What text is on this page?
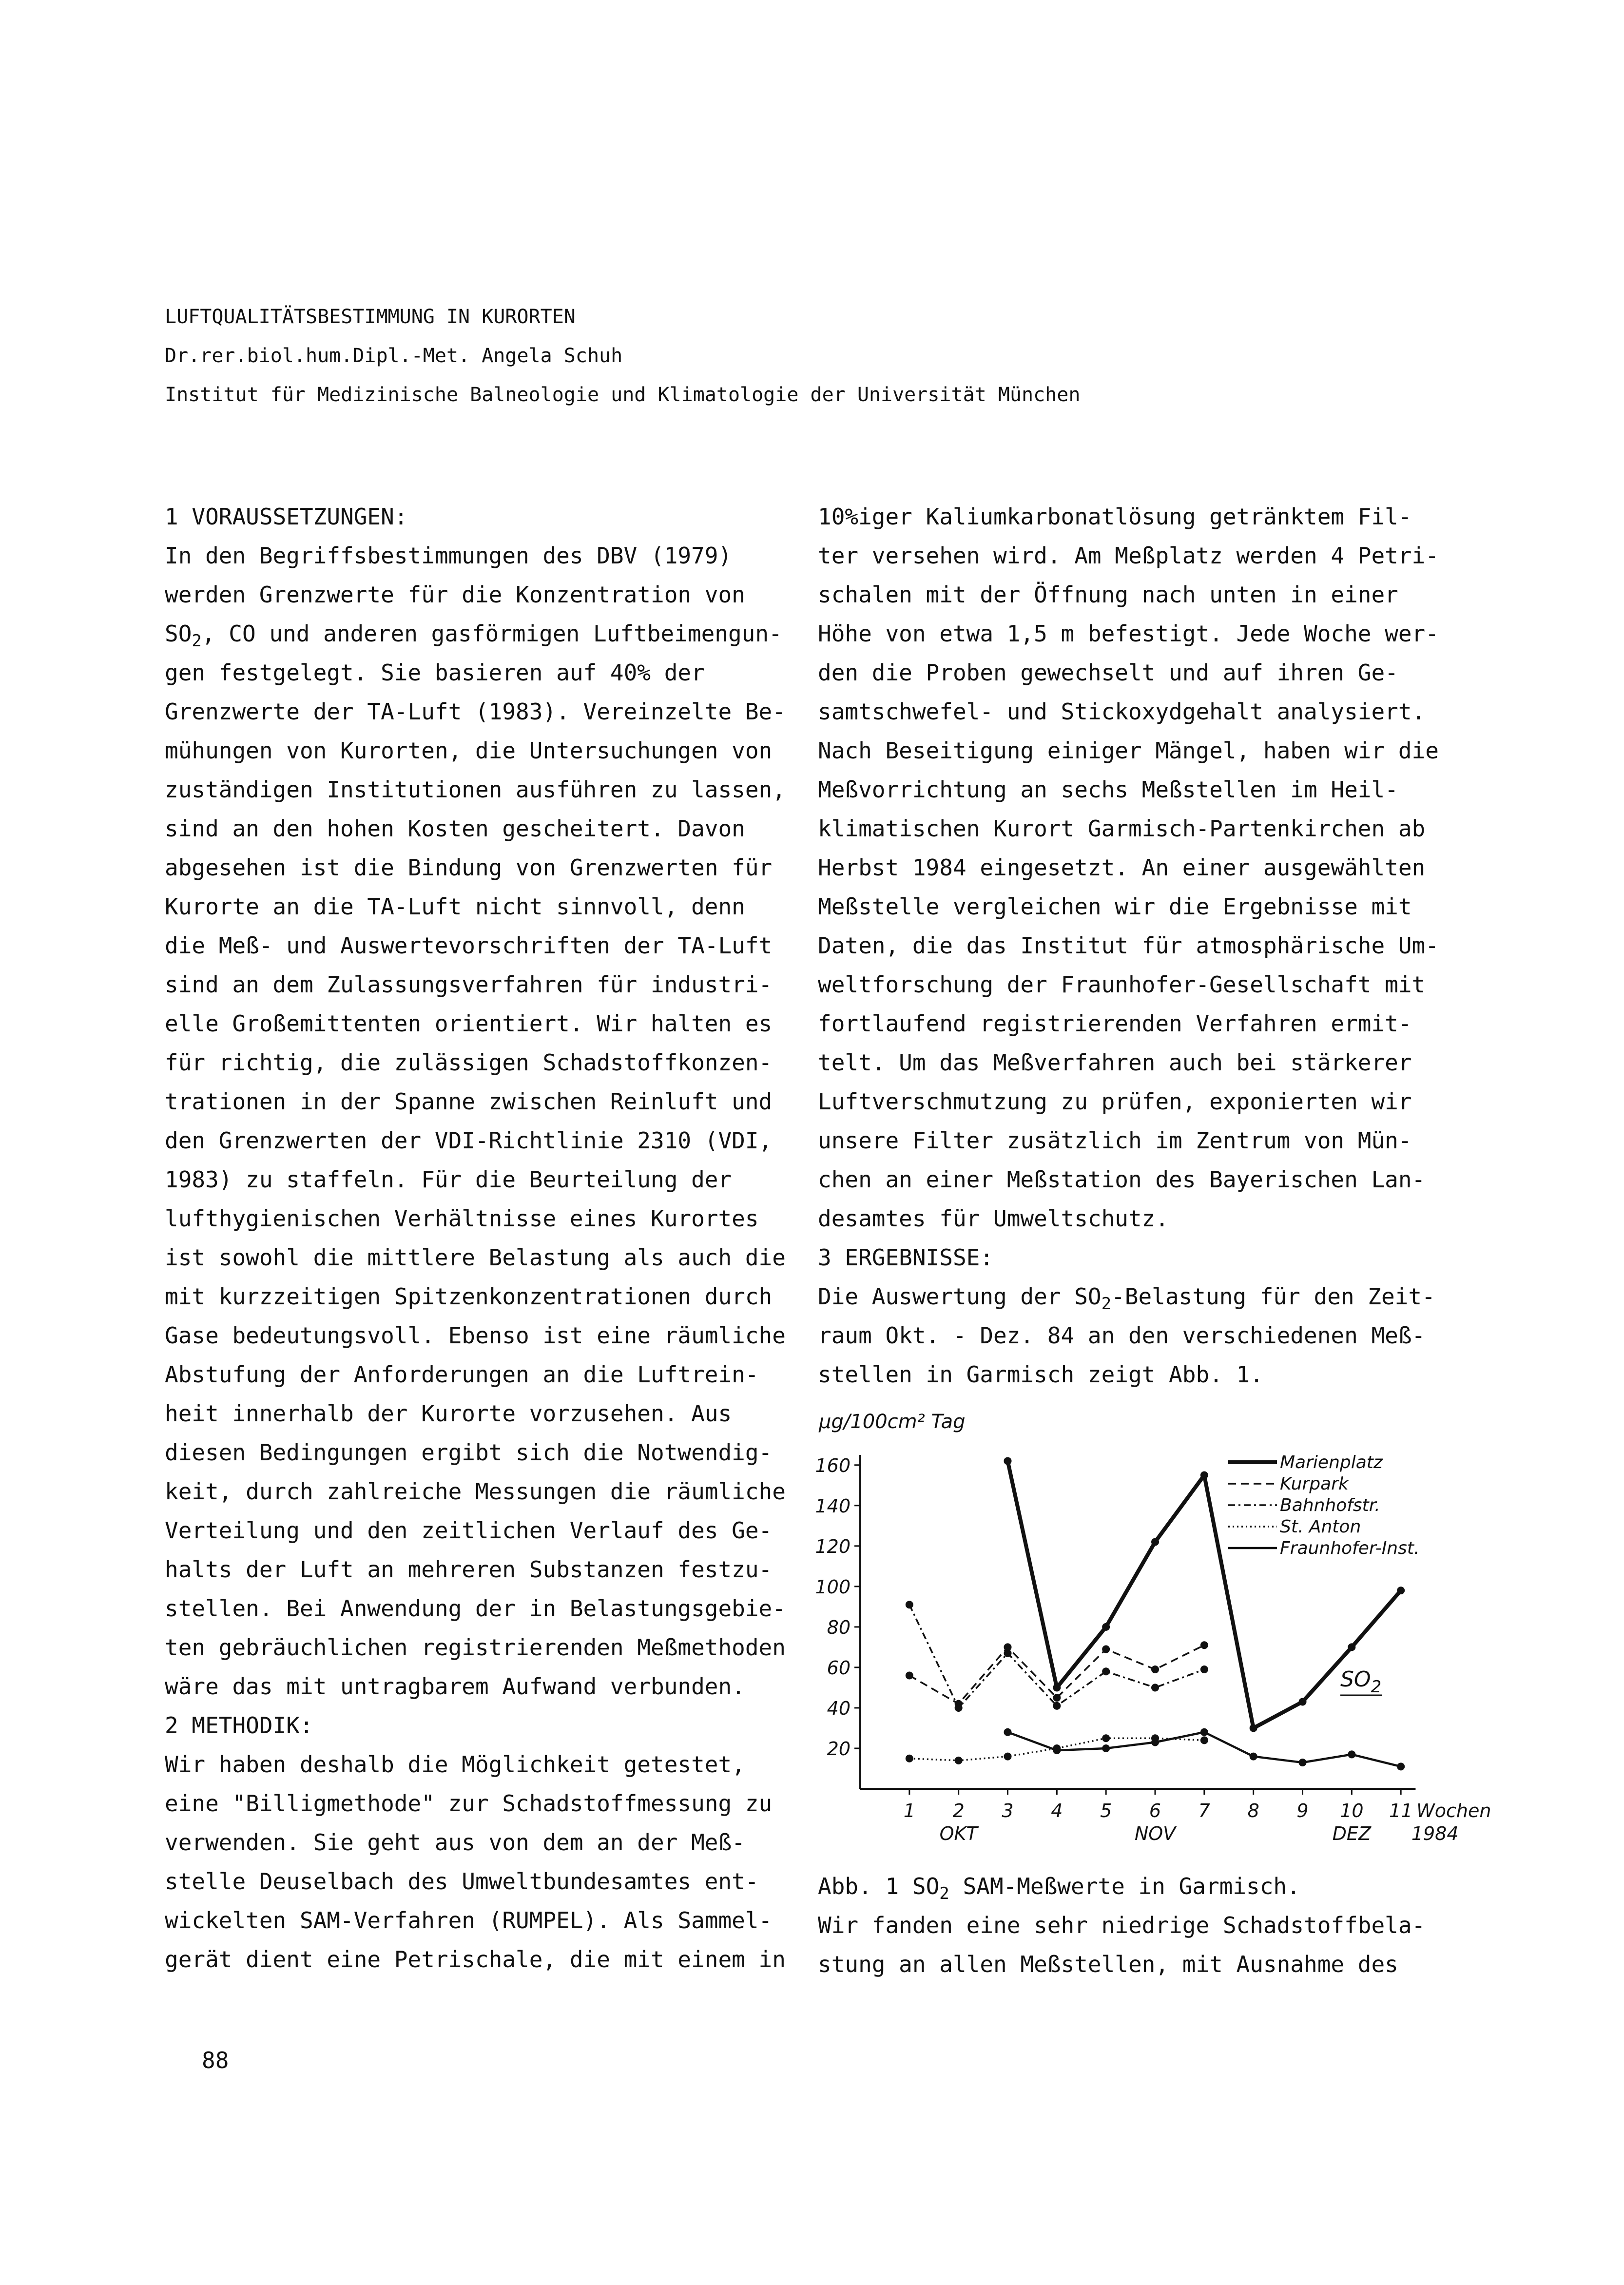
LUFTQUALITÄTSBESTIMMUNG IN KURORTEN
Dr.rer.biol.hum.Dipl.-Met. Angela Schuh
Institut für Medizinische Balneologie und Klimatologie der Universität München

1 VORAUSSETZUNGEN:

In den Begriffsbestimmungen des DBV (1979)

werden Grenzwerte für die Konzentration von

$SO_2$, CO und anderen gasförmigen Luftbeimengun-

gen festgelegt. Sie basieren auf 40% der

Grenzwerte der TA-Luft (1983). Vereinzelte Be-

mühungen von Kurorten, die Untersuchungen von

zuständigen Institutionen ausführen zu lassen,

sind an den hohen Kosten gescheitert. Davon

abgesehen ist die Bindung von Grenzwerten für

Kurorte an die TA-Luft nicht sinnvoll, denn

die Meß- und Auswertevorschriften der TA-Luft

sind an dem Zulassungsverfahren für industri-

elle Großemittenten orientiert. Wir halten es

für richtig, die zulässigen Schadstoffkonzen-

trationen in der Spanne zwischen Reinluft und

den Grenzwerten der VDI-Richtlinie 2310 (VDI,

1983) zu staffeln. Für die Beurteilung der

lufthygienischen Verhältnisse eines Kurortes

ist sowohl die mittlere Belastung als auch die

mit kurzzeitigen Spitzenkonzentrationen durch

Gase bedeutungsvoll. Ebenso ist eine räumliche

Abstufung der Anforderungen an die Luftrein-

heit innerhalb der Kurorte vorzusehen. Aus

diesen Bedingungen ergibt sich die Notwendig-

keit, durch zahlreiche Messungen die räumliche

Verteilung und den zeitlichen Verlauf des Ge-

halts der Luft an mehreren Substanzen festzu-

stellen. Bei Anwendung der in Belastungsgebie-

ten gebräuchlichen registrierenden Meßmethoden

wäre das mit untragbarem Aufwand verbunden.

2 METHODIK:

Wir haben deshalb die Möglichkeit getestet,

eine "Billigmethode" zur Schadstoffmessung zu

verwenden. Sie geht aus von dem an der Meß-

stelle Deuselbach des Umweltbundesamtes ent-

wickelten SAM-Verfahren (RUMPEL). Als Sammel-

gerät dient eine Petrischale, die mit einem in

10%iger Kaliumkarbonatlösung getränktem Fil-

ter versehen wird. Am Meßplatz werden 4 Petri-

schalen mit der Öffnung nach unten in einer

Höhe von etwa 1,5 m befestigt. Jede Woche wer-

den die Proben gewechselt und auf ihren Ge-

samtschwefel- und Stickoxydgehalt analysiert.

Nach Beseitigung einiger Mängel, haben wir die

Meßvorrichtung an sechs Meßstellen im Heil-

klimatischen Kurort Garmisch-Partenkirchen ab

Herbst 1984 eingesetzt. An einer ausgewählten

Meßstelle vergleichen wir die Ergebnisse mit

Daten, die das Institut für atmosphärische Um-

weltforschung der Fraunhofer-Gesellschaft mit

fortlaufend registrierenden Verfahren ermit-

telt. Um das Meßverfahren auch bei stärkerer

Luftverschmutzung zu prüfen, exponierten wir

unsere Filter zusätzlich im Zentrum von Mün-

chen an einer Meßstation des Bayerischen Lan-

desamtes für Umweltschutz.

3 ERGEBNISSE:

Die Auswertung der $SO_2$-Belastung für den Zeit-

raum Okt. - Dez. 84 an den verschiedenen Meß-

stellen in Garmisch zeigt Abb. 1.

20
40
60
80
100
120
140
160
µg/100cm² Tag
1 2 3 4 5 6 7 8 9 10 11 Wochen
OKT	NOV	DEZ 1984
Marienplatz
Kurpark
Bahnhofstr.
St. Anton
Fraunhofer-Inst.
$SO_2$

Abb. 1 $SO_2$ SAM-Meßwerte in Garmisch.

Wir fanden eine sehr niedrige Schadstoffbela-

stung an allen Meßstellen, mit Ausnahme des

88
